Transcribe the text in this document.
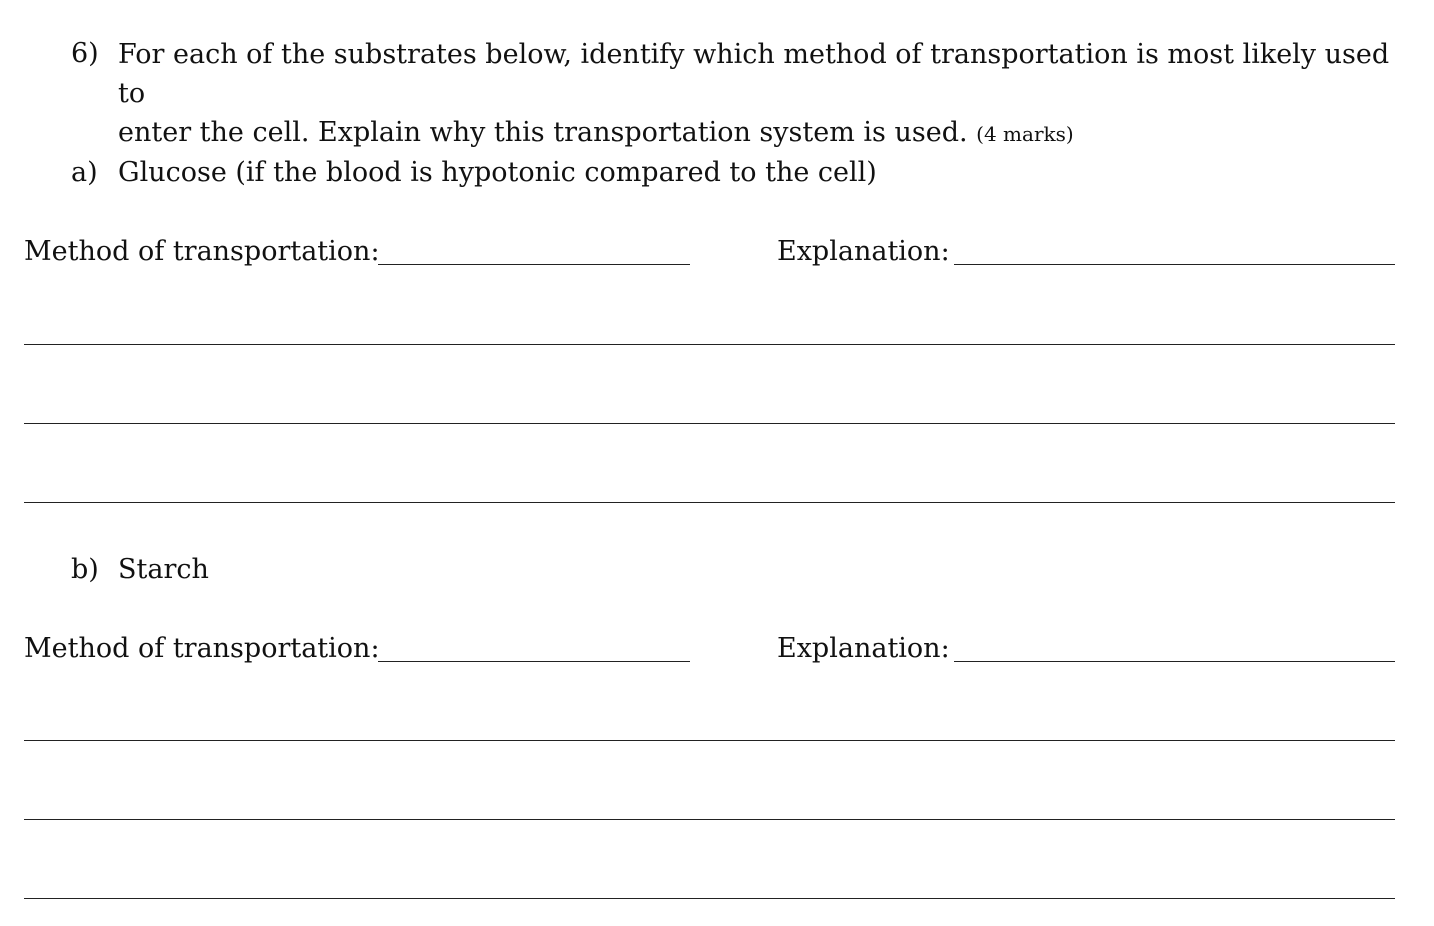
6) For each of the substrates below, identify which method of transportation is most likely used to
enter the cell. Explain why this transportation system is used. (4 marks)
a) Glucose (if the blood is hypotonic compared to the cell)
Method of transportation:	Explanation:
b) Starch
Method of transportation:	Explanation:
